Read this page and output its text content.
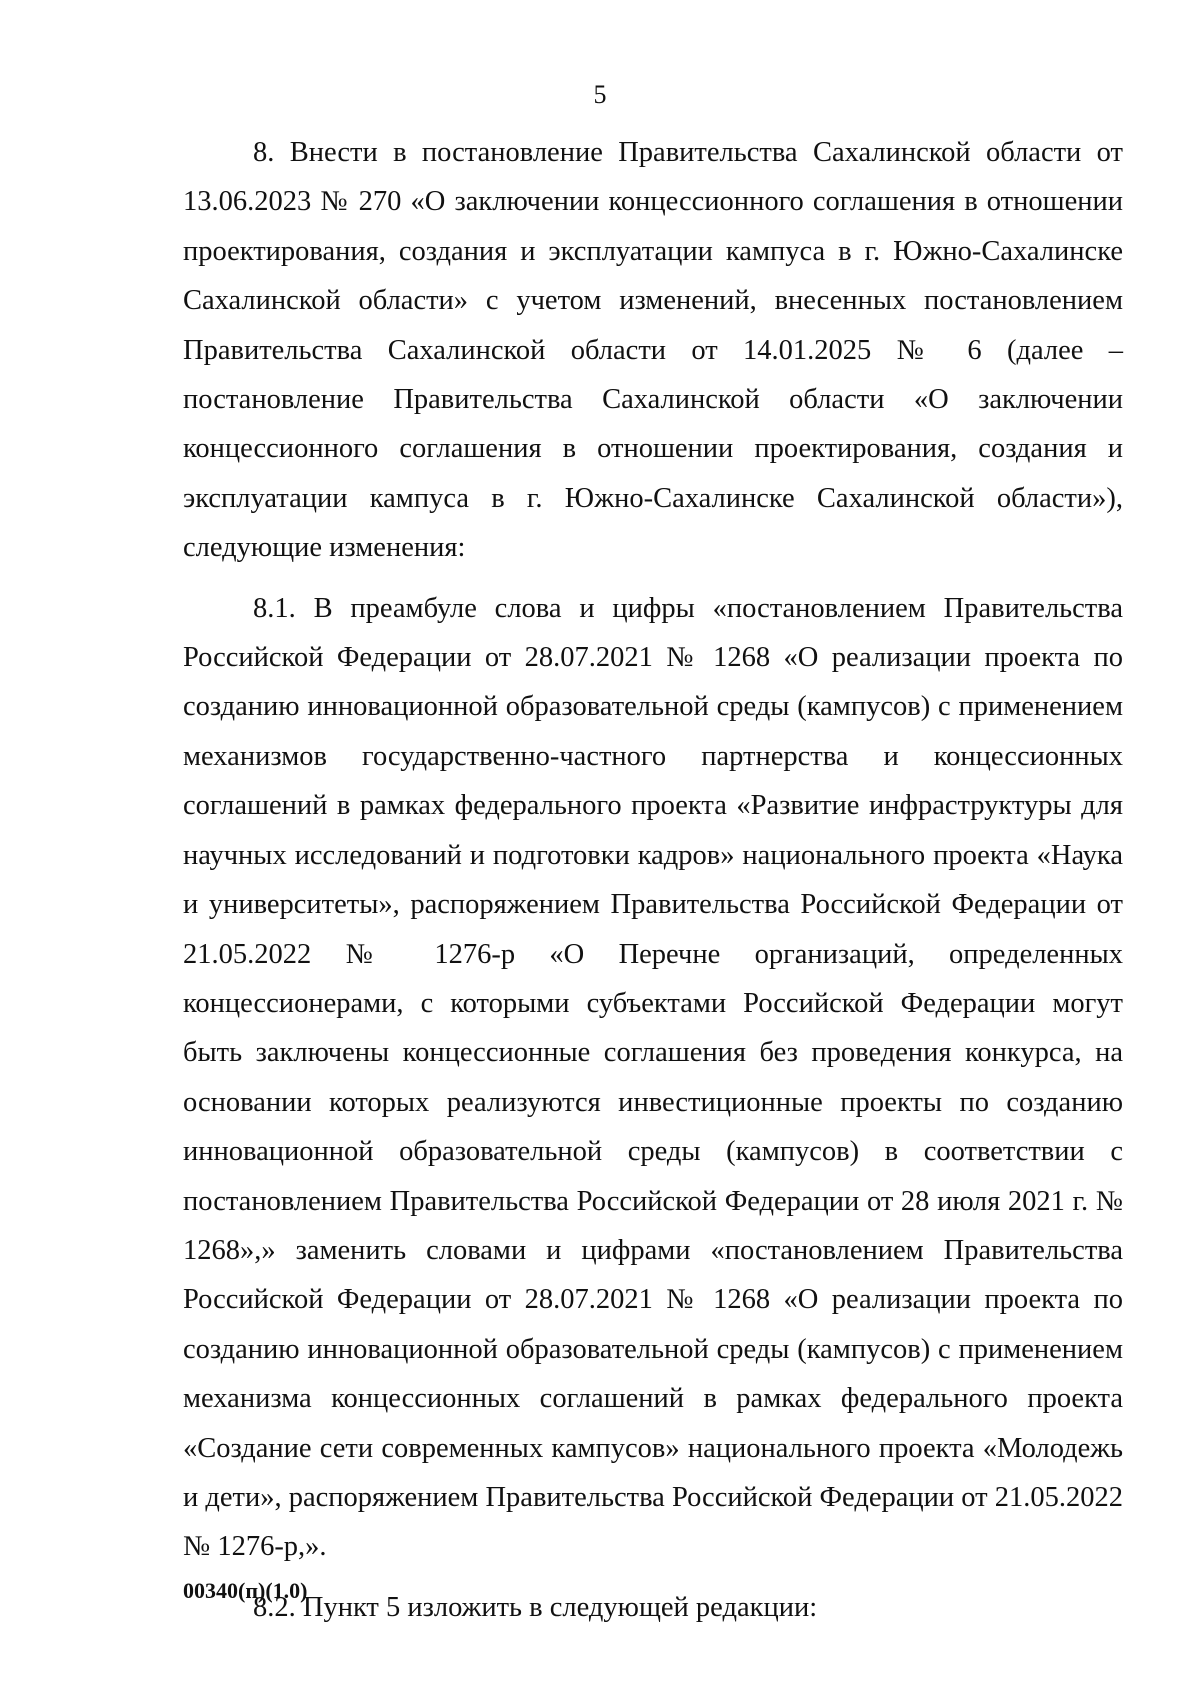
5

8. Внести в постановление Правительства Сахалинской области от 13.06.2023 № 270 «О заключении концессионного соглашения в отношении проектирования, создания и эксплуатации кампуса в г. Южно-Сахалинске Сахалинской области» с учетом изменений, внесенных постановлением Правительства Сахалинской области от 14.01.2025 № 6 (далее – постановление Правительства Сахалинской области «О заключении концессионного соглашения в отношении проектирования, создания и эксплуатации кампуса в г. Южно-Сахалинске Сахалинской области»), следующие изменения:

8.1. В преамбуле слова и цифры «постановлением Правительства Российской Федерации от 28.07.2021 № 1268 «О реализации проекта по созданию инновационной образовательной среды (кампусов) с применением механизмов государственно-частного партнерства и концессионных соглашений в рамках федерального проекта «Развитие инфраструктуры для научных исследований и подготовки кадров» национального проекта «Наука и университеты», распоряжением Правительства Российской Федерации от 21.05.2022 № 1276-р «О Перечне организаций, определенных концессионерами, с которыми субъектами Российской Федерации могут быть заключены концессионные соглашения без проведения конкурса, на основании которых реализуются инвестиционные проекты по созданию инновационной образовательной среды (кампусов) в соответствии с постановлением Правительства Российской Федерации от 28 июля 2021 г. № 1268»,» заменить словами и цифрами «постановлением Правительства Российской Федерации от 28.07.2021 № 1268 «О реализации проекта по созданию инновационной образовательной среды (кампусов) с применением механизма концессионных соглашений в рамках федерального проекта «Создание сети современных кампусов» национального проекта «Молодежь и дети», распоряжением Правительства Российской Федерации от 21.05.2022 № 1276-р,».

8.2. Пункт 5 изложить в следующей редакции:

00340(п)(1.0)
